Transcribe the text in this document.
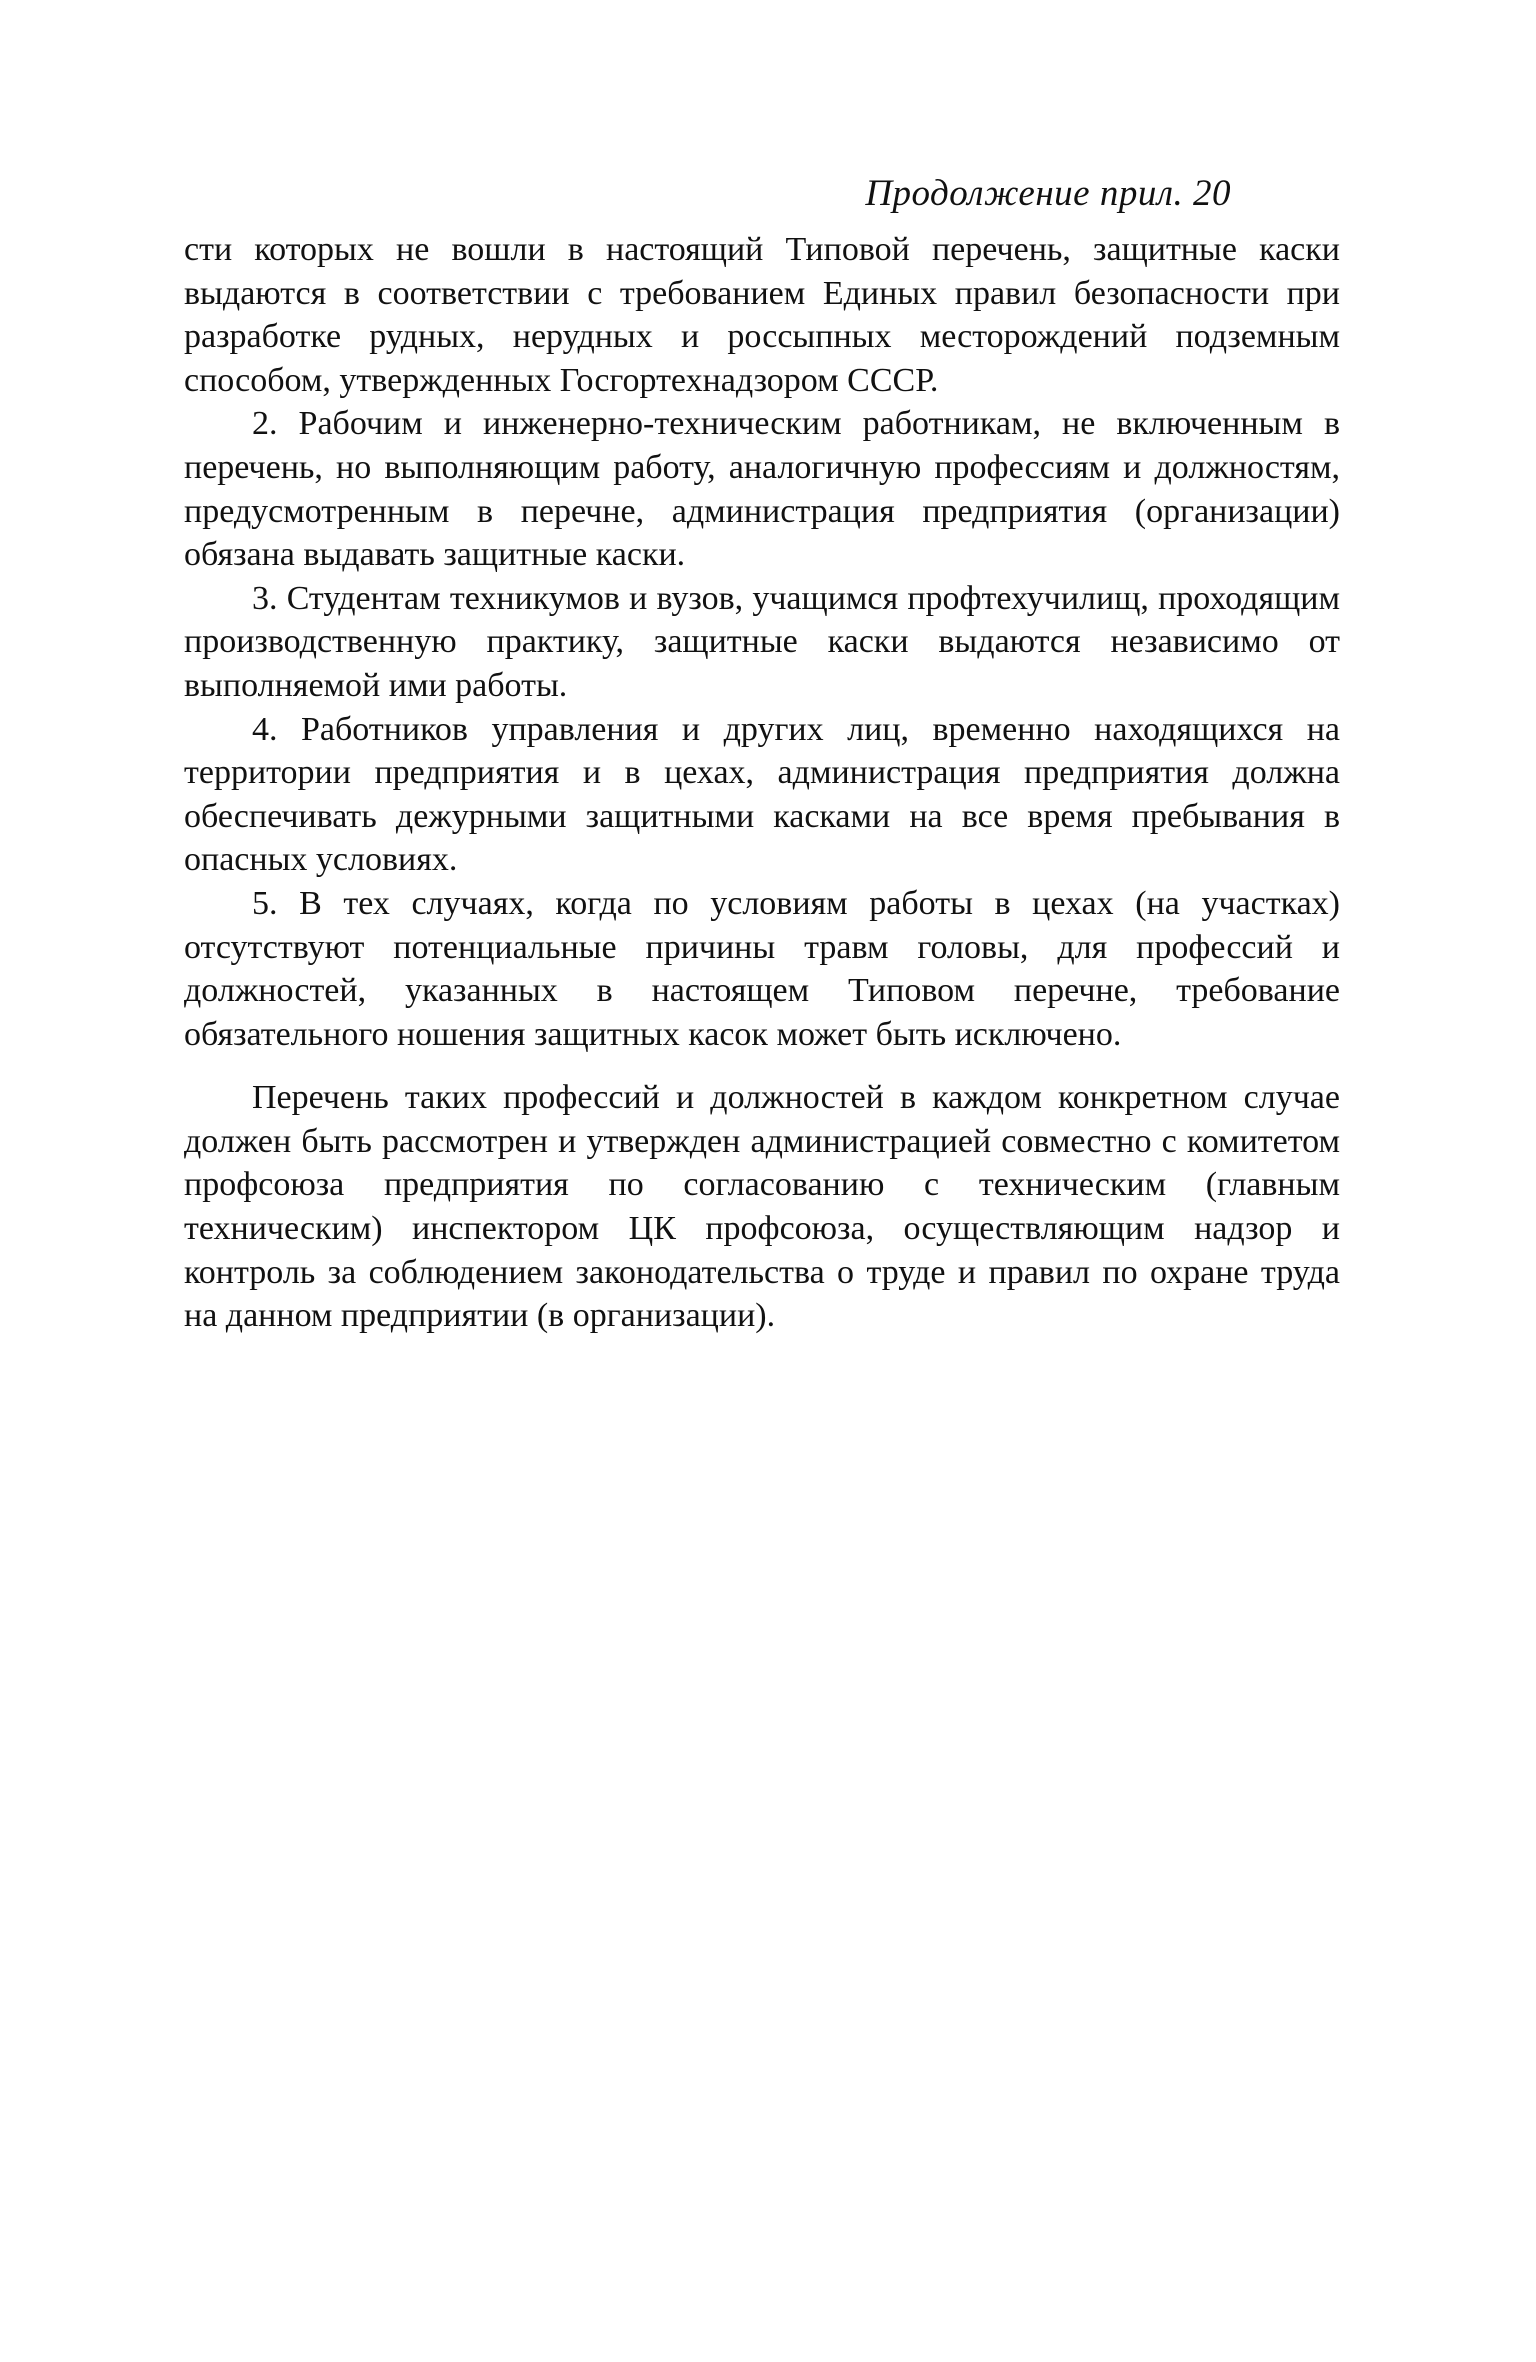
Продолжение прил. 20

сти которых не вошли в настоящий Типовой перечень, защитные каски выдаются в соответствии с требованием Единых правил безопасности при разработке рудных, нерудных и россыпных месторождений подземным способом, утвержденных Госгортехнадзором СССР.

2. Рабочим и инженерно-техническим работникам, не включенным в перечень, но выполняющим работу, аналогичную профессиям и должностям, предусмотренным в перечне, администрация предприятия (организации) обязана выдавать защитные каски.

3. Студентам техникумов и вузов, учащимся профтехучилищ, проходящим производственную практику, защитные каски выдаются независимо от выполняемой ими работы.

4. Работников управления и других лиц, временно находящихся на территории предприятия и в цехах, администрация предприятия должна обеспечивать дежурными защитными касками на все время пребывания в опасных условиях.

5. В тех случаях, когда по условиям работы в цехах (на участках) отсутствуют потенциальные причины травм головы, для профессий и должностей, указанных в настоящем Типовом перечне, требование обязательного ношения защитных касок может быть исключено.

Перечень таких профессий и должностей в каждом конкретном случае должен быть рассмотрен и утвержден администрацией совместно с комитетом профсоюза предприятия по согласованию с техническим (главным техническим) инспектором ЦК профсоюза, осуществляющим надзор и контроль за соблюдением законодательства о труде и правил по охране труда на данном предприятии (в организации).
